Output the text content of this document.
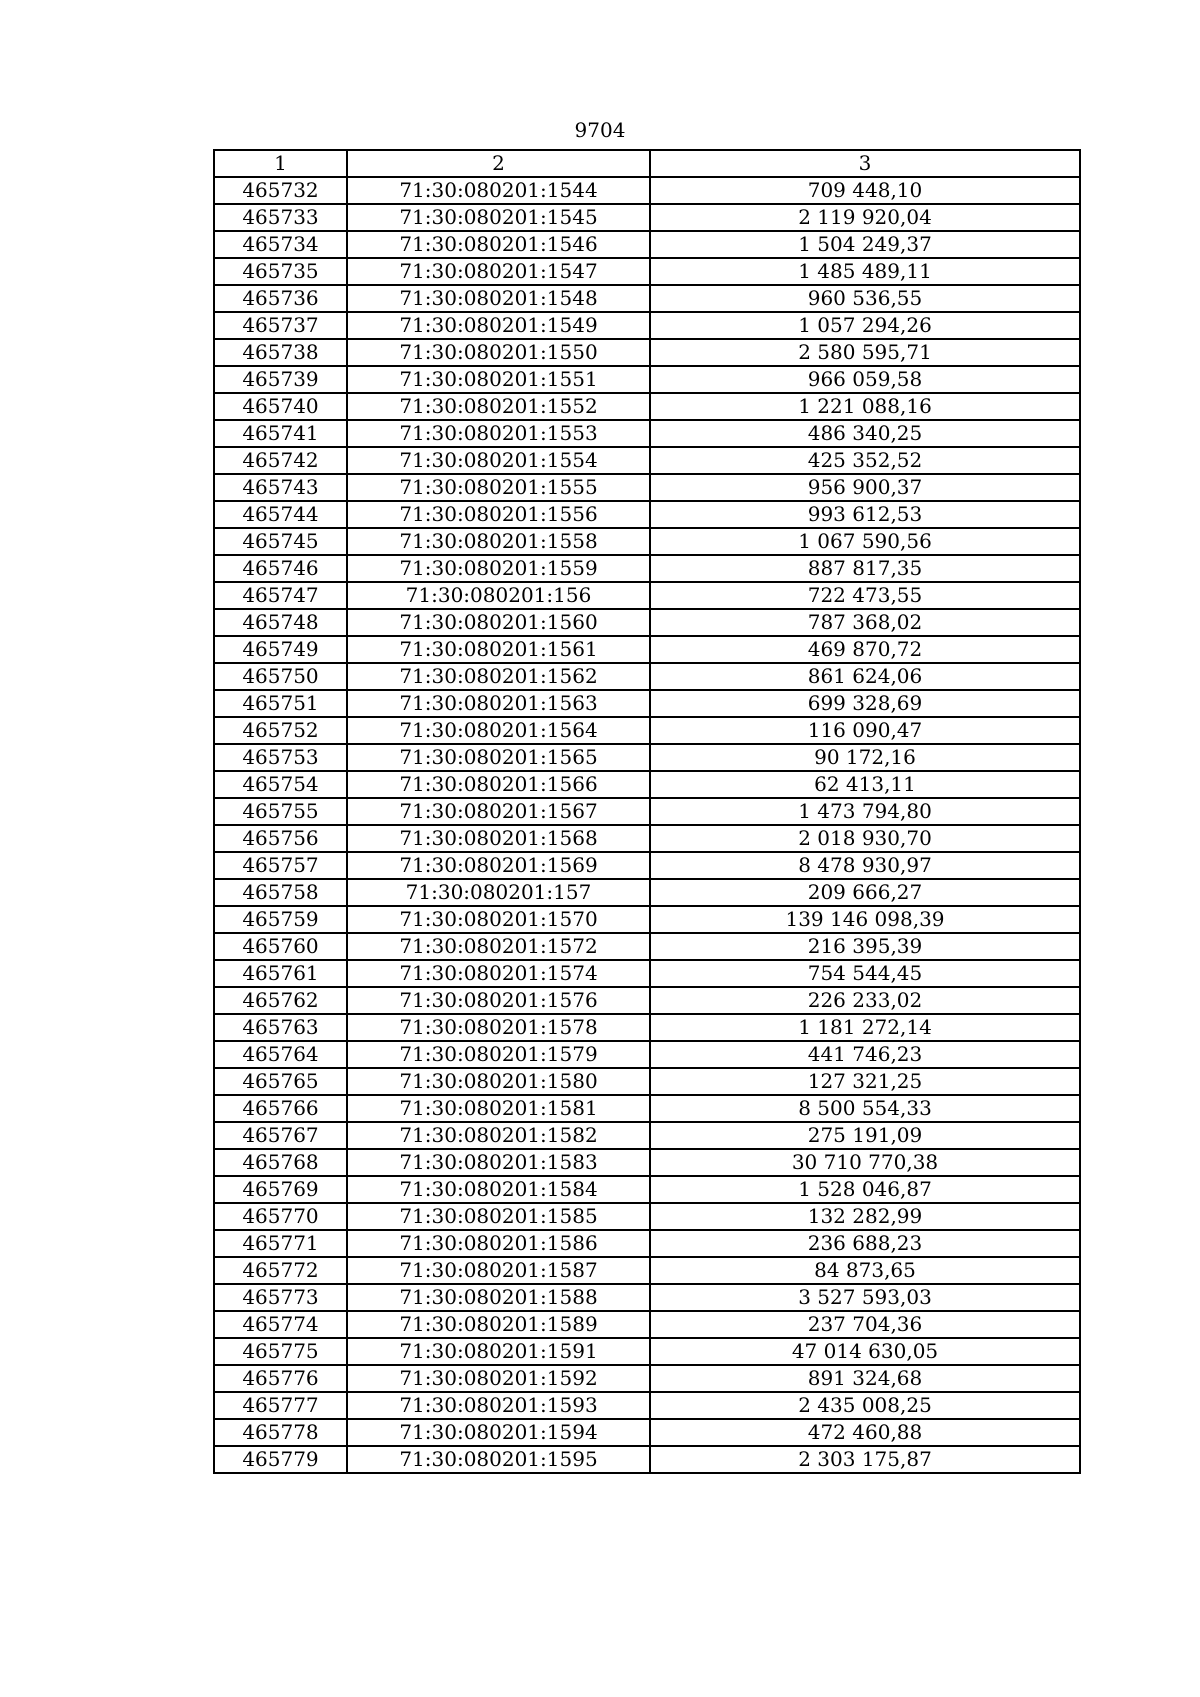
9704
1	2	3
465732	71:30:080201:1544	709 448,10
465733	71:30:080201:1545	2 119 920,04
465734	71:30:080201:1546	1 504 249,37
465735	71:30:080201:1547	1 485 489,11
465736	71:30:080201:1548	960 536,55
465737	71:30:080201:1549	1 057 294,26
465738	71:30:080201:1550	2 580 595,71
465739	71:30:080201:1551	966 059,58
465740	71:30:080201:1552	1 221 088,16
465741	71:30:080201:1553	486 340,25
465742	71:30:080201:1554	425 352,52
465743	71:30:080201:1555	956 900,37
465744	71:30:080201:1556	993 612,53
465745	71:30:080201:1558	1 067 590,56
465746	71:30:080201:1559	887 817,35
465747	71:30:080201:156	722 473,55
465748	71:30:080201:1560	787 368,02
465749	71:30:080201:1561	469 870,72
465750	71:30:080201:1562	861 624,06
465751	71:30:080201:1563	699 328,69
465752	71:30:080201:1564	116 090,47
465753	71:30:080201:1565	90 172,16
465754	71:30:080201:1566	62 413,11
465755	71:30:080201:1567	1 473 794,80
465756	71:30:080201:1568	2 018 930,70
465757	71:30:080201:1569	8 478 930,97
465758	71:30:080201:157	209 666,27
465759	71:30:080201:1570	139 146 098,39
465760	71:30:080201:1572	216 395,39
465761	71:30:080201:1574	754 544,45
465762	71:30:080201:1576	226 233,02
465763	71:30:080201:1578	1 181 272,14
465764	71:30:080201:1579	441 746,23
465765	71:30:080201:1580	127 321,25
465766	71:30:080201:1581	8 500 554,33
465767	71:30:080201:1582	275 191,09
465768	71:30:080201:1583	30 710 770,38
465769	71:30:080201:1584	1 528 046,87
465770	71:30:080201:1585	132 282,99
465771	71:30:080201:1586	236 688,23
465772	71:30:080201:1587	84 873,65
465773	71:30:080201:1588	3 527 593,03
465774	71:30:080201:1589	237 704,36
465775	71:30:080201:1591	47 014 630,05
465776	71:30:080201:1592	891 324,68
465777	71:30:080201:1593	2 435 008,25
465778	71:30:080201:1594	472 460,88
465779	71:30:080201:1595	2 303 175,87
